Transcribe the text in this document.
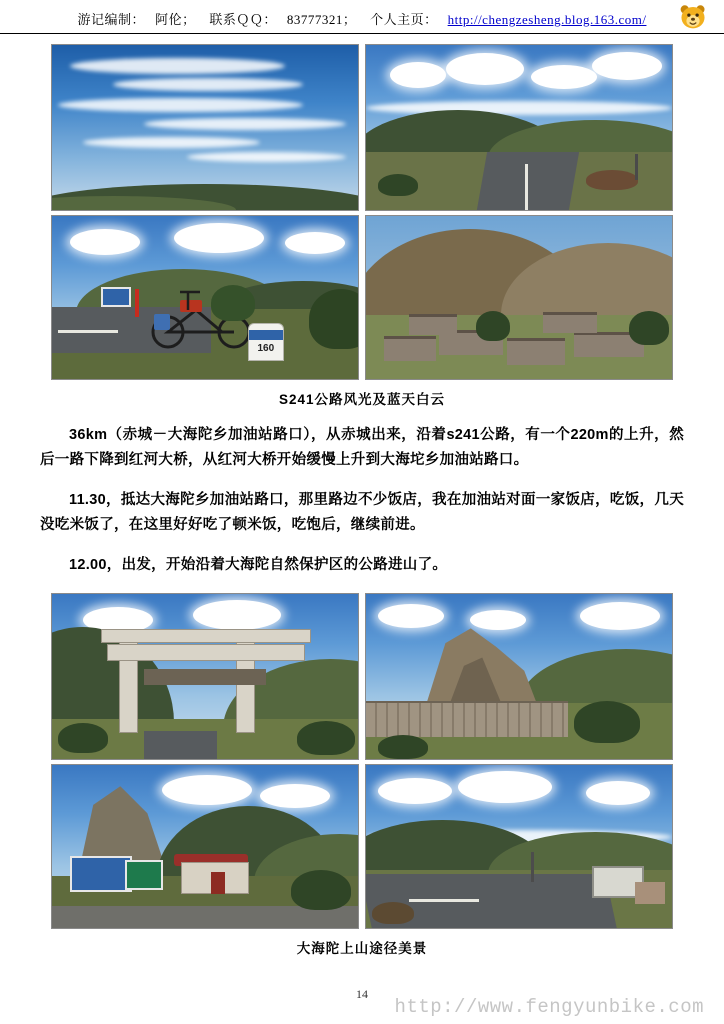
游记编制： 阿伦； 联系ＱＱ： 83777321； 个人主页： http://chengzesheng.blog.163.com/
160
S241公路风光及蓝天白云

36km（赤城－大海陀乡加油站路口），从赤城出来，沿着s241公路，有一个220m的上升，然后一路下降到红河大桥，从红河大桥开始缓慢上升到大海坨乡加油站路口。

11.30，抵达大海陀乡加油站路口，那里路边不少饭店，我在加油站对面一家饭店，吃饭，几天没吃米饭了，在这里好好吃了顿米饭，吃饱后，继续前进。

12.00，出发，开始沿着大海陀自然保护区的公路进山了。

大海陀上山途径美景
14
http://www.fengyunbike.com
